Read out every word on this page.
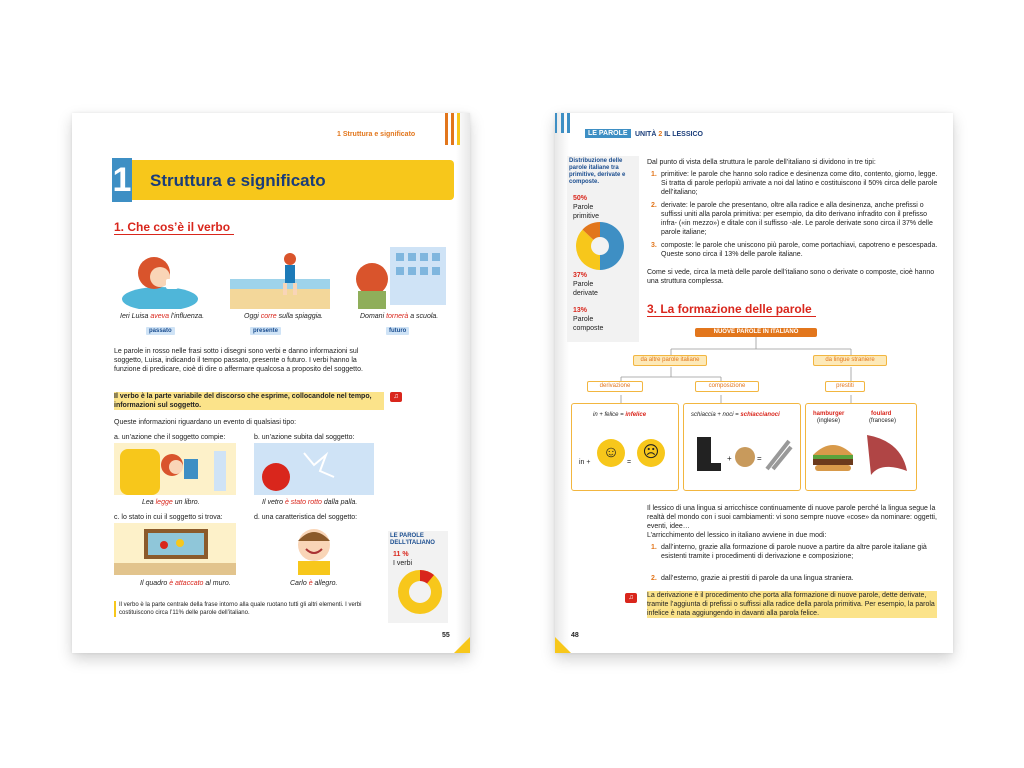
1 Struttura e significato
1 Struttura e significato
1. Che cos’è il verbo
Ieri Luisa aveva l’influenza.	Oggi corre sulla spiaggia.	Domani tornerà a scuola.
passato	presente	futuro
Le parole in rosso nelle frasi sotto i disegni sono verbi e danno informazioni sul soggetto, Luisa, indicando il tempo passato, presente o futuro. I verbi hanno la funzione di predicare, cioè di dire o affermare qualcosa a proposito del soggetto.
Il verbo è la parte variabile del discorso che esprime, collocandole nel tempo, informazioni sul soggetto.
♫
Queste informazioni riguardano un evento di qualsiasi tipo:
a. un’azione che il soggetto compie:	b. un’azione subita dal soggetto:
Lea legge un libro.	Il vetro è stato rotto dalla palla.
c. lo stato in cui il soggetto si trova:	d. una caratteristica del soggetto:
Il quadro è attaccato al muro.	Carlo è allegro.
Il verbo è la parte centrale della frase intorno alla quale ruotano tutti gli altri elementi. I verbi costituiscono circa l’11% delle parole dell’italiano.
LE PAROLE DELL’ITALIANO
11 %
I verbi
55
LE PAROLE	UNITÀ 2 IL LESSICO
Distribuzione delle parole italiane tra primitive, derivate e composte.
50%
Parole primitive
37%
Parole derivate
13%
Parole composte
Dal punto di vista della struttura le parole dell’italiano si dividono in tre tipi:
1. primitive: le parole che hanno solo radice e desinenza come dito, contento, giorno, legge. Si tratta di parole perlopiù arrivate a noi dal latino e costituiscono il 50% circa delle parole dell’italiano;
2. derivate: le parole che presentano, oltre alla radice e alla desinenza, anche prefissi o suffissi uniti alla parola primitiva: per esempio, da dito derivano infradito con il prefisso infra- («in mezzo») e ditale con il suffisso -ale. Le parole derivate sono circa il 37% delle parole italiane;
3. composte: le parole che uniscono più parole, come portachiavi, capotreno e pescespada. Queste sono circa il 13% delle parole italiane.
Come si vede, circa la metà delle parole dell’italiano sono o derivate o composte, cioè hanno una struttura complessa.
3. La formazione delle parole
NUOVE PAROLE IN ITALIANO
da altre parole italiane	da lingue straniere
derivazione	composizione	prestiti
in + felice = infelice
in +
☺
=
☹
schiaccia + noci = schiaccianoci
+	=
hamburger
(inglese)
foulard
(francese)
Il lessico di una lingua si arricchisce continuamente di nuove parole perché la lingua segue la realtà del mondo con i suoi cambiamenti: vi sono sempre nuove «cose» da nominare: oggetti, eventi, idee…
L’arricchimento del lessico in italiano avviene in due modi:
1. dall’interno, grazie alla formazione di parole nuove a partire da altre parole italiane già esistenti tramite i procedimenti di derivazione e composizione;
2. dall’esterno, grazie ai prestiti di parole da una lingua straniera.
♫	La derivazione è il procedimento che porta alla formazione di nuove parole, dette derivate, tramite l’aggiunta di prefissi o suffissi alla radice della parola primitiva. Per esempio, la parola infelice è nata aggiungendo in davanti alla parola felice.
48
